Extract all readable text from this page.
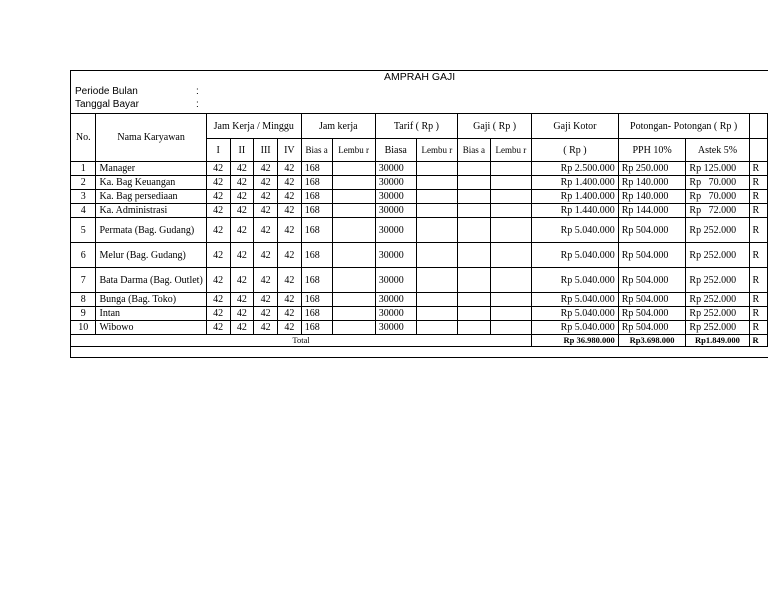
AMPRAH GAJI
Periode Bulan	:
Tanggal Bayar	:
No.	Nama Karyawan	Jam Kerja / Minggu				Jam kerja		Tarif ( Rp )		Gaji ( Rp )		Gaji Kotor	Potongan- Potongan ( Rp )		
		I	II	III	IV	Bias a	Lembu r	Biasa	Lembu r	Bias a	Lembu r	( Rp )	PPH 10%	Astek 5%	
1	Manager	42	42	42	42	168		30000				Rp 2.500.000	Rp 250.000	Rp 125.000	R
2	Ka. Bag Keuangan	42	42	42	42	168		30000				Rp 1.400.000	Rp 140.000	Rp   70.000	R
3	Ka. Bag persediaan	42	42	42	42	168		30000				Rp 1.400.000	Rp 140.000	Rp   70.000	R
4	Ka. Administrasi	42	42	42	42	168		30000				Rp 1.440.000	Rp 144.000	Rp   72.000	R
5	Permata (Bag. Gudang)	42	42	42	42	168		30000				Rp 5.040.000	Rp 504.000	Rp 252.000	R
6	Melur (Bag. Gudang)	42	42	42	42	168		30000				Rp 5.040.000	Rp 504.000	Rp 252.000	R
7	Bata Darma (Bag. Outlet)	42	42	42	42	168		30000				Rp 5.040.000	Rp 504.000	Rp 252.000	R
8	Bunga (Bag. Toko)	42	42	42	42	168		30000				Rp 5.040.000	Rp 504.000	Rp 252.000	R
9	Intan	42	42	42	42	168		30000				Rp 5.040.000	Rp 504.000	Rp 252.000	R
10	Wibowo	42	42	42	42	168		30000				Rp 5.040.000	Rp 504.000	Rp 252.000	R
Total												Rp 36.980.000	Rp3.698.000	Rp1.849.000	R
